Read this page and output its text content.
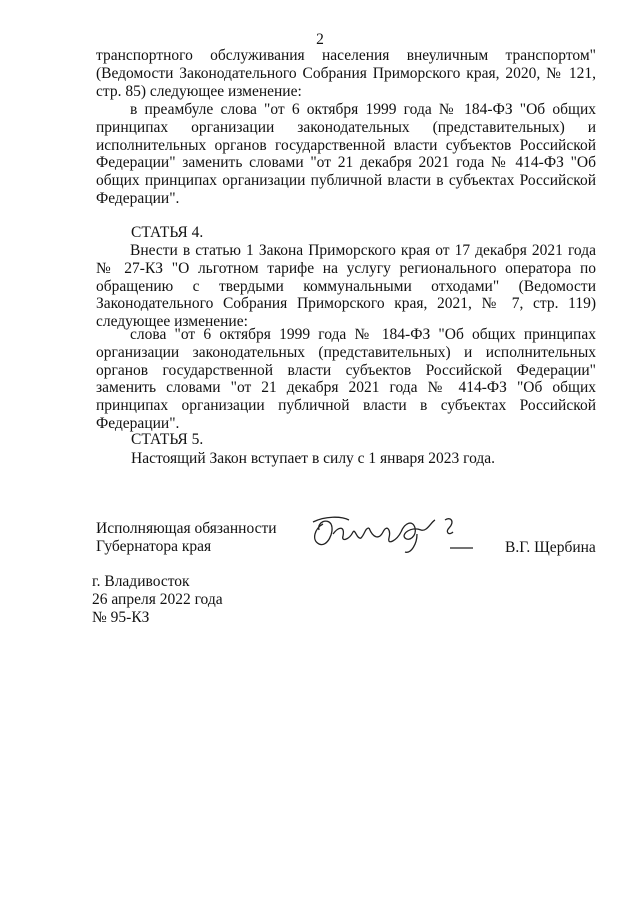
2
транспортного обслуживания населения внеуличным транспортом" (Ведомости Законодательного Собрания Приморского края, 2020, № 121, стр. 85) следующее изменение:
в преамбуле слова "от 6 октября 1999 года № 184-ФЗ "Об общих принципах организации законодательных (представительных) и исполнительных органов государственной власти субъектов Российской Федерации" заменить словами "от 21 декабря 2021 года № 414-ФЗ "Об общих принципах организации публичной власти в субъектах Российской Федерации".
СТАТЬЯ 4.
Внести в статью 1 Закона Приморского края от 17 декабря 2021 года № 27-КЗ "О льготном тарифе на услугу регионального оператора по обращению с твердыми коммунальными отходами" (Ведомости Законодательного Собрания Приморского края, 2021, № 7, стр. 119) следующее изменение:
слова "от 6 октября 1999 года № 184-ФЗ "Об общих принципах организации законодательных (представительных) и исполнительных органов государственной власти субъектов Российской Федерации" заменить словами "от 21 декабря 2021 года № 414-ФЗ "Об общих принципах организации публичной власти в субъектах Российской Федерации".
СТАТЬЯ 5.
Настоящий Закон вступает в силу с 1 января 2023 года.
Исполняющая обязанности
Губернатора края	В.Г. Щербина
г. Владивосток
26 апреля 2022 года
№ 95-КЗ
